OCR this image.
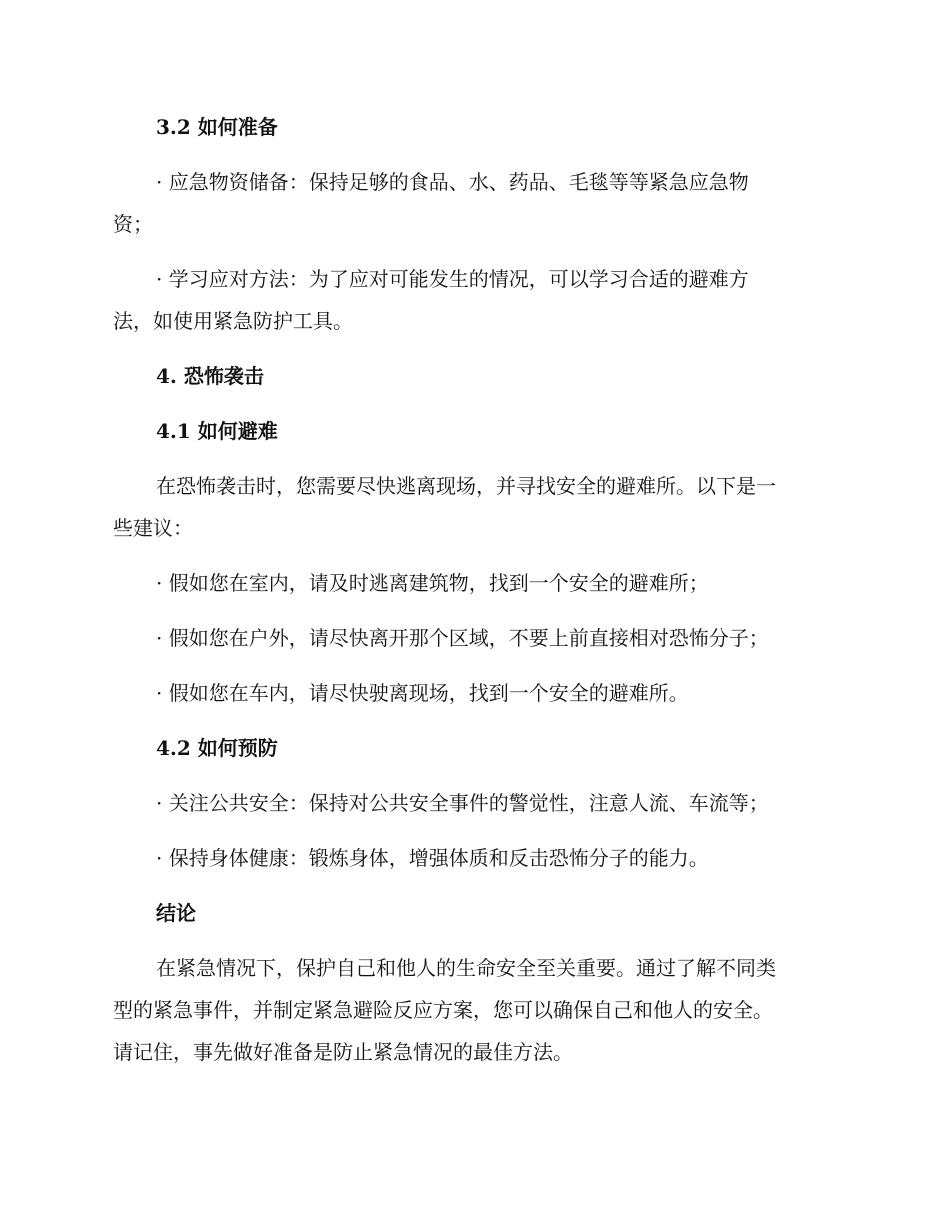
3.2 如何准备

· 应急物资储备：保持足够的食品、水、药品、毛毯等等紧急应急物

资；

· 学习应对方法：为了应对可能发生的情况，可以学习合适的避难方

法，如使用紧急防护工具。

4. 恐怖袭击

4.1 如何避难

在恐怖袭击时，您需要尽快逃离现场，并寻找安全的避难所。以下是一

些建议：

· 假如您在室内，请及时逃离建筑物，找到一个安全的避难所；

· 假如您在户外，请尽快离开那个区域，不要上前直接相对恐怖分子；

· 假如您在车内，请尽快驶离现场，找到一个安全的避难所。

4.2 如何预防

· 关注公共安全：保持对公共安全事件的警觉性，注意人流、车流等；

· 保持身体健康：锻炼身体，增强体质和反击恐怖分子的能力。

结论

在紧急情况下，保护自己和他人的生命安全至关重要。通过了解不同类

型的紧急事件，并制定紧急避险反应方案，您可以确保自己和他人的安全。

请记住，事先做好准备是防止紧急情况的最佳方法。
